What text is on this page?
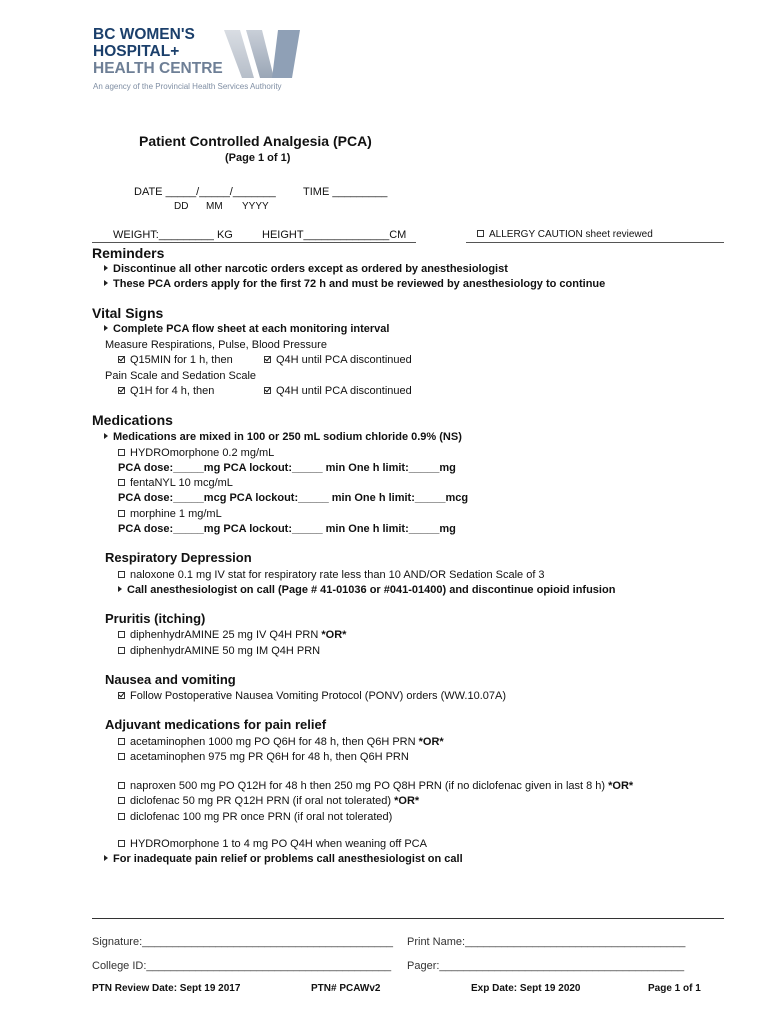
BC WOMEN'S
HOSPITAL+
HEALTH CENTRE
An agency of the Provincial Health Services Authority
Patient Controlled Analgesia (PCA)
(Page 1 of 1)
DATE _____/_____/_______ TIME _________
DD MM YYYY
WEIGHT:_________ KG	HEIGHT______________CM	ALLERGY CAUTION sheet reviewed
Reminders
Discontinue all other narcotic orders except as ordered by anesthesiologist
These PCA orders apply for the first 72 h and must be reviewed by anesthesiology to continue
Vital Signs
Complete PCA flow sheet at each monitoring interval
Measure Respirations, Pulse, Blood Pressure
Q15MIN for 1 h, then	Q4H until PCA discontinued
Pain Scale and Sedation Scale
Q1H for 4 h, then	Q4H until PCA discontinued
Medications
Medications are mixed in 100 or 250 mL sodium chloride 0.9% (NS)
HYDROmorphone 0.2 mg/mL
PCA dose:_____mg PCA lockout:_____ min One h limit:_____mg
fentaNYL 10 mcg/mL
PCA dose:_____mcg PCA lockout:_____ min One h limit:_____mcg
morphine 1 mg/mL
PCA dose:_____mg PCA lockout:_____ min One h limit:_____mg
Respiratory Depression
naloxone 0.1 mg IV stat for respiratory rate less than 10 AND/OR Sedation Scale of 3
Call anesthesiologist on call (Page # 41-01036 or #041-01400) and discontinue opioid infusion
Pruritis (itching)
diphenhydrAMINE 25 mg IV Q4H PRN *OR*
diphenhydrAMINE 50 mg IM Q4H PRN
Nausea and vomiting
Follow Postoperative Nausea Vomiting Protocol (PONV) orders (WW.10.07A)
Adjuvant medications for pain relief
acetaminophen 1000 mg PO Q6H for 48 h, then Q6H PRN *OR*
acetaminophen 975 mg PR Q6H for 48 h, then Q6H PRN
naproxen 500 mg PO Q12H for 48 h then 250 mg PO Q8H PRN (if no diclofenac given in last 8 h) *OR*
diclofenac 50 mg PR Q12H PRN (if oral not tolerated) *OR*
diclofenac 100 mg PR once PRN (if oral not tolerated)
HYDROmorphone 1 to 4 mg PO Q4H when weaning off PCA
For inadequate pain relief or problems call anesthesiologist on call
Signature:_________________________________________ Print Name:____________________________________
College ID:________________________________________ Pager:________________________________________
PTN Review Date: Sept 19 2017	PTN# PCAWv2	Exp Date: Sept 19 2020	Page 1 of 1
